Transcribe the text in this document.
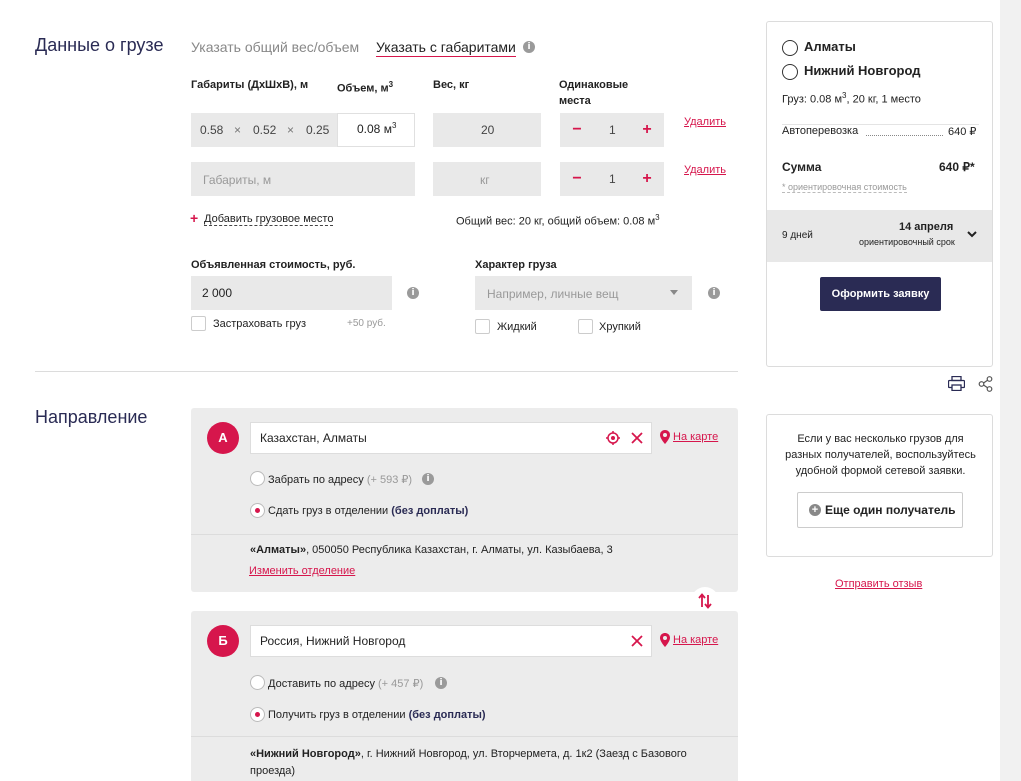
Данные о грузе Указать общий вес/объем Указать с габаритами	i
Габариты (ДхШхВ), м	Объем, $м^3$	Вес, кг	Одинаковые
места
0.58 × 0.52 × 0.25 0.08 $м^3$	20	−	1	+	Удалить
Габариты, м	кг	−	1	+	Удалить
+ Добавить грузовое место	Общий вес: 20 кг, общий объем: 0.08 $м^3$
Объявленная стоимость, руб.
2 000	i
Застраховать груз	+50 руб.
Характер груза
Например, личные вещ	i
Жидкий	Хрупкий
Направление
А	Казахстан, Алматы	На карте
Забрать по адресу (+ 593 ₽)	i
Сдать груз в отделении (без доплаты)
«Алматы», 050050 Республика Казахстан, г. Алматы, ул. Казыбаева, 3
Изменить отделение
Б	Россия, Нижний Новгород	На карте
Доставить по адресу (+ 457 ₽)	i
Получить груз в отделении (без доплаты)
«Нижний Новгород», г. Нижний Новгород, ул. Вторчермета, д. 1к2 (Заезд с Базового
проезда)
Алматы
Нижний Новгород
Груз: 0.08 $м^3$, 20 кг, 1 место
Автоперевозка	640 ₽
Сумма	640 ₽*
* ориентировочная стоимость
9 дней
14 апреля
ориентировочный срок
Оформить заявку
Если у вас несколько грузов для разных получателей, воспользуйтесь удобной формой сетевой заявки.
+ Еще один получатель
Отправить отзыв
